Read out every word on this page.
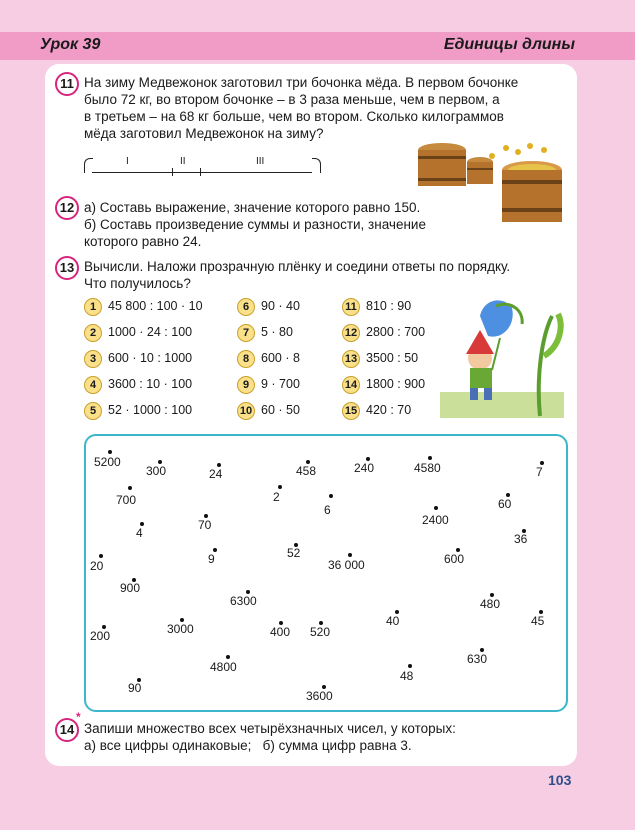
Урок 39	Единицы длины
11 На зиму Медвежонок заготовил три бочонка мёда. В первом бочонке
было 72 кг, во втором бочонке – в 3 раза меньше, чем в первом, а
в третьем – на 68 кг больше, чем во втором. Сколько килограммов
мёда заготовил Медвежонок на зиму?
I	II	III
12 а) Составь выражение, значение которого равно 150.
б) Составь произведение суммы и разности, значение
которого равно 24.
13 Вычисли. Наложи прозрачную плёнку и соедини ответы по порядку.
Что получилось?
1 45 800 : 100 · 10
2 1000 · 24 : 100
3 600 · 10 : 1000
4 3600 : 10 · 100
5 52 · 1000 : 100
6 90 · 40
7 5 · 80
8 600 · 8
9 9 · 700
10 60 · 50
11 810 : 90
12 2800 : 700
13 3500 : 50
14 1800 : 900
15 420 : 70
5200
300	24	458	240	4580	7
700	2
6	60
4
70	2400
36
20	9	52
36 000	600
900
6300	480
200	3000	400 520
40	45
4800
630
48
90
3600
14
*
Запиши множество всех четырёхзначных чисел, у которых:
а) все цифры одинаковые;   б) сумма цифр равна 3.
103
